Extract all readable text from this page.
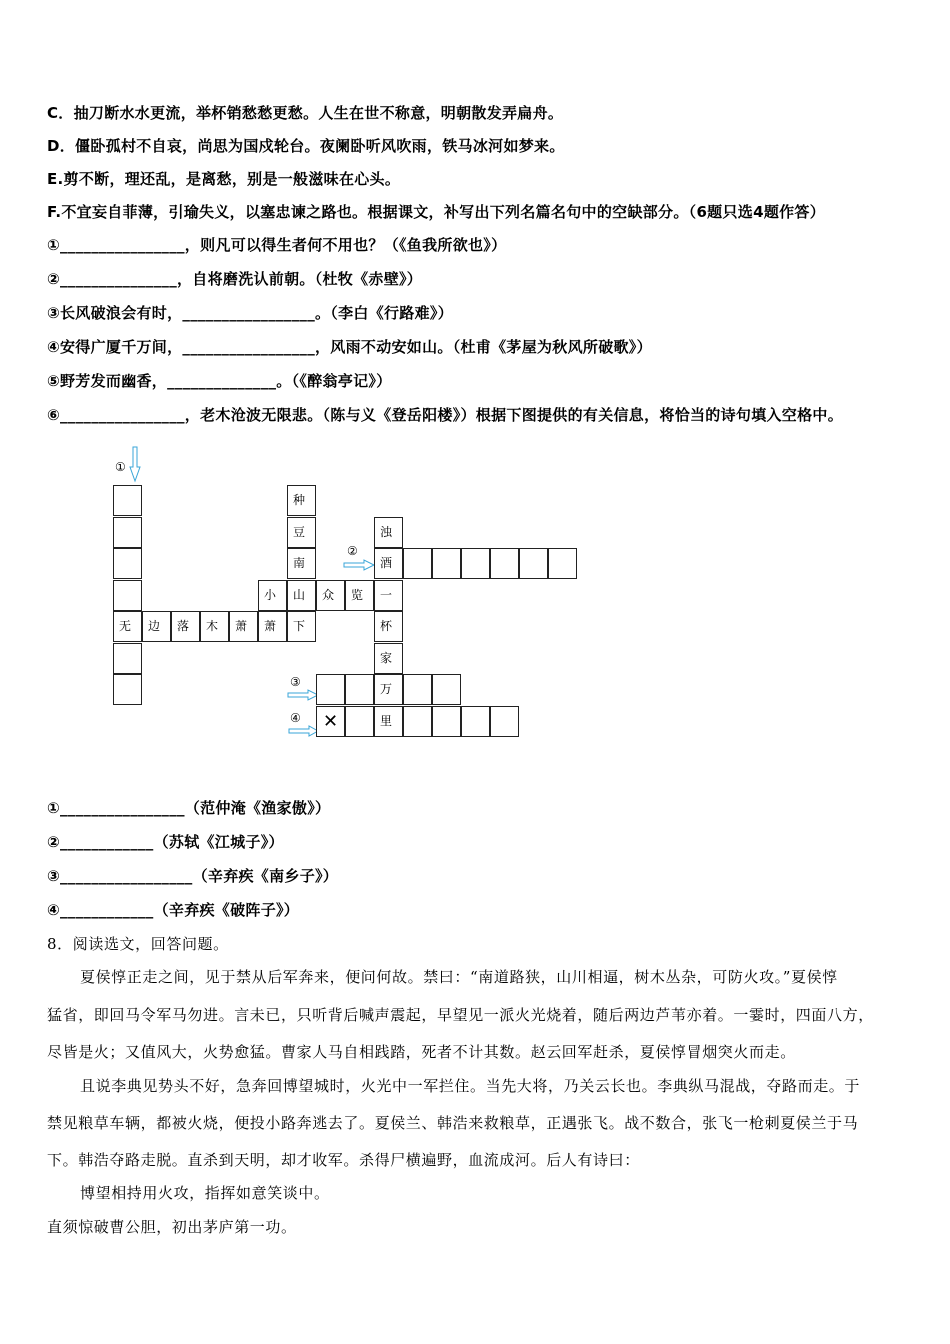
C．抽刀断水水更流，举杯销愁愁更愁。人生在世不称意，明朝散发弄扁舟。
D．僵卧孤村不自哀，尚思为国戍轮台。夜阑卧听风吹雨，铁马冰河如梦来。
E.剪不断，理还乱，是离愁，别是一般滋味在心头。
F.不宜妄自菲薄，引瑜失义，以塞忠谏之路也。根据课文，补写出下列名篇名句中的空缺部分。（6题只选4题作答）
①________________，则凡可以得生者何不用也？（《鱼我所欲也》）
②_______________，自将磨洗认前朝。（杜牧《赤壁》）
③长风破浪会有时，_________________。（李白《行路难》）
④安得广厦千万间，_________________，风雨不动安如山。（杜甫《茅屋为秋风所破歌》）
⑤野芳发而幽香，______________。（《醉翁亭记》）
⑥________________，老木沧波无限悲。（陈与义《登岳阳楼》）根据下图提供的有关信息，将恰当的诗句填入空格中。
①
②
③
④
无	边	落	木	萧	萧
种
豆
南
山
下
小	众	览	一
浊
酒
杯
家
万
里
✕
①________________（范仲淹《渔家傲》）
②____________（苏轼《江城子》）
③_________________（辛弃疾《南乡子》）
④____________（辛弃疾《破阵子》）
8．阅读选文，回答问题。
夏侯惇正走之间，见于禁从后军奔来，便问何故。禁曰：“南道路狭，山川相逼，树木丛杂，可防火攻。”夏侯惇
猛省，即回马令军马勿进。言未已，只听背后喊声震起，早望见一派火光烧着，随后两边芦苇亦着。一霎时，四面八方，
尽皆是火；又值风大，火势愈猛。曹家人马自相践踏，死者不计其数。赵云回军赶杀，夏侯惇冒烟突火而走。
且说李典见势头不好，急奔回博望城时，火光中一军拦住。当先大将，乃关云长也。李典纵马混战，夺路而走。于
禁见粮草车辆，都被火烧，便投小路奔逃去了。夏侯兰、韩浩来救粮草，正遇张飞。战不数合，张飞一枪刺夏侯兰于马
下。韩浩夺路走脱。直杀到天明，却才收军。杀得尸横遍野，血流成河。后人有诗曰：
博望相持用火攻，指挥如意笑谈中。
直须惊破曹公胆，初出茅庐第一功。
